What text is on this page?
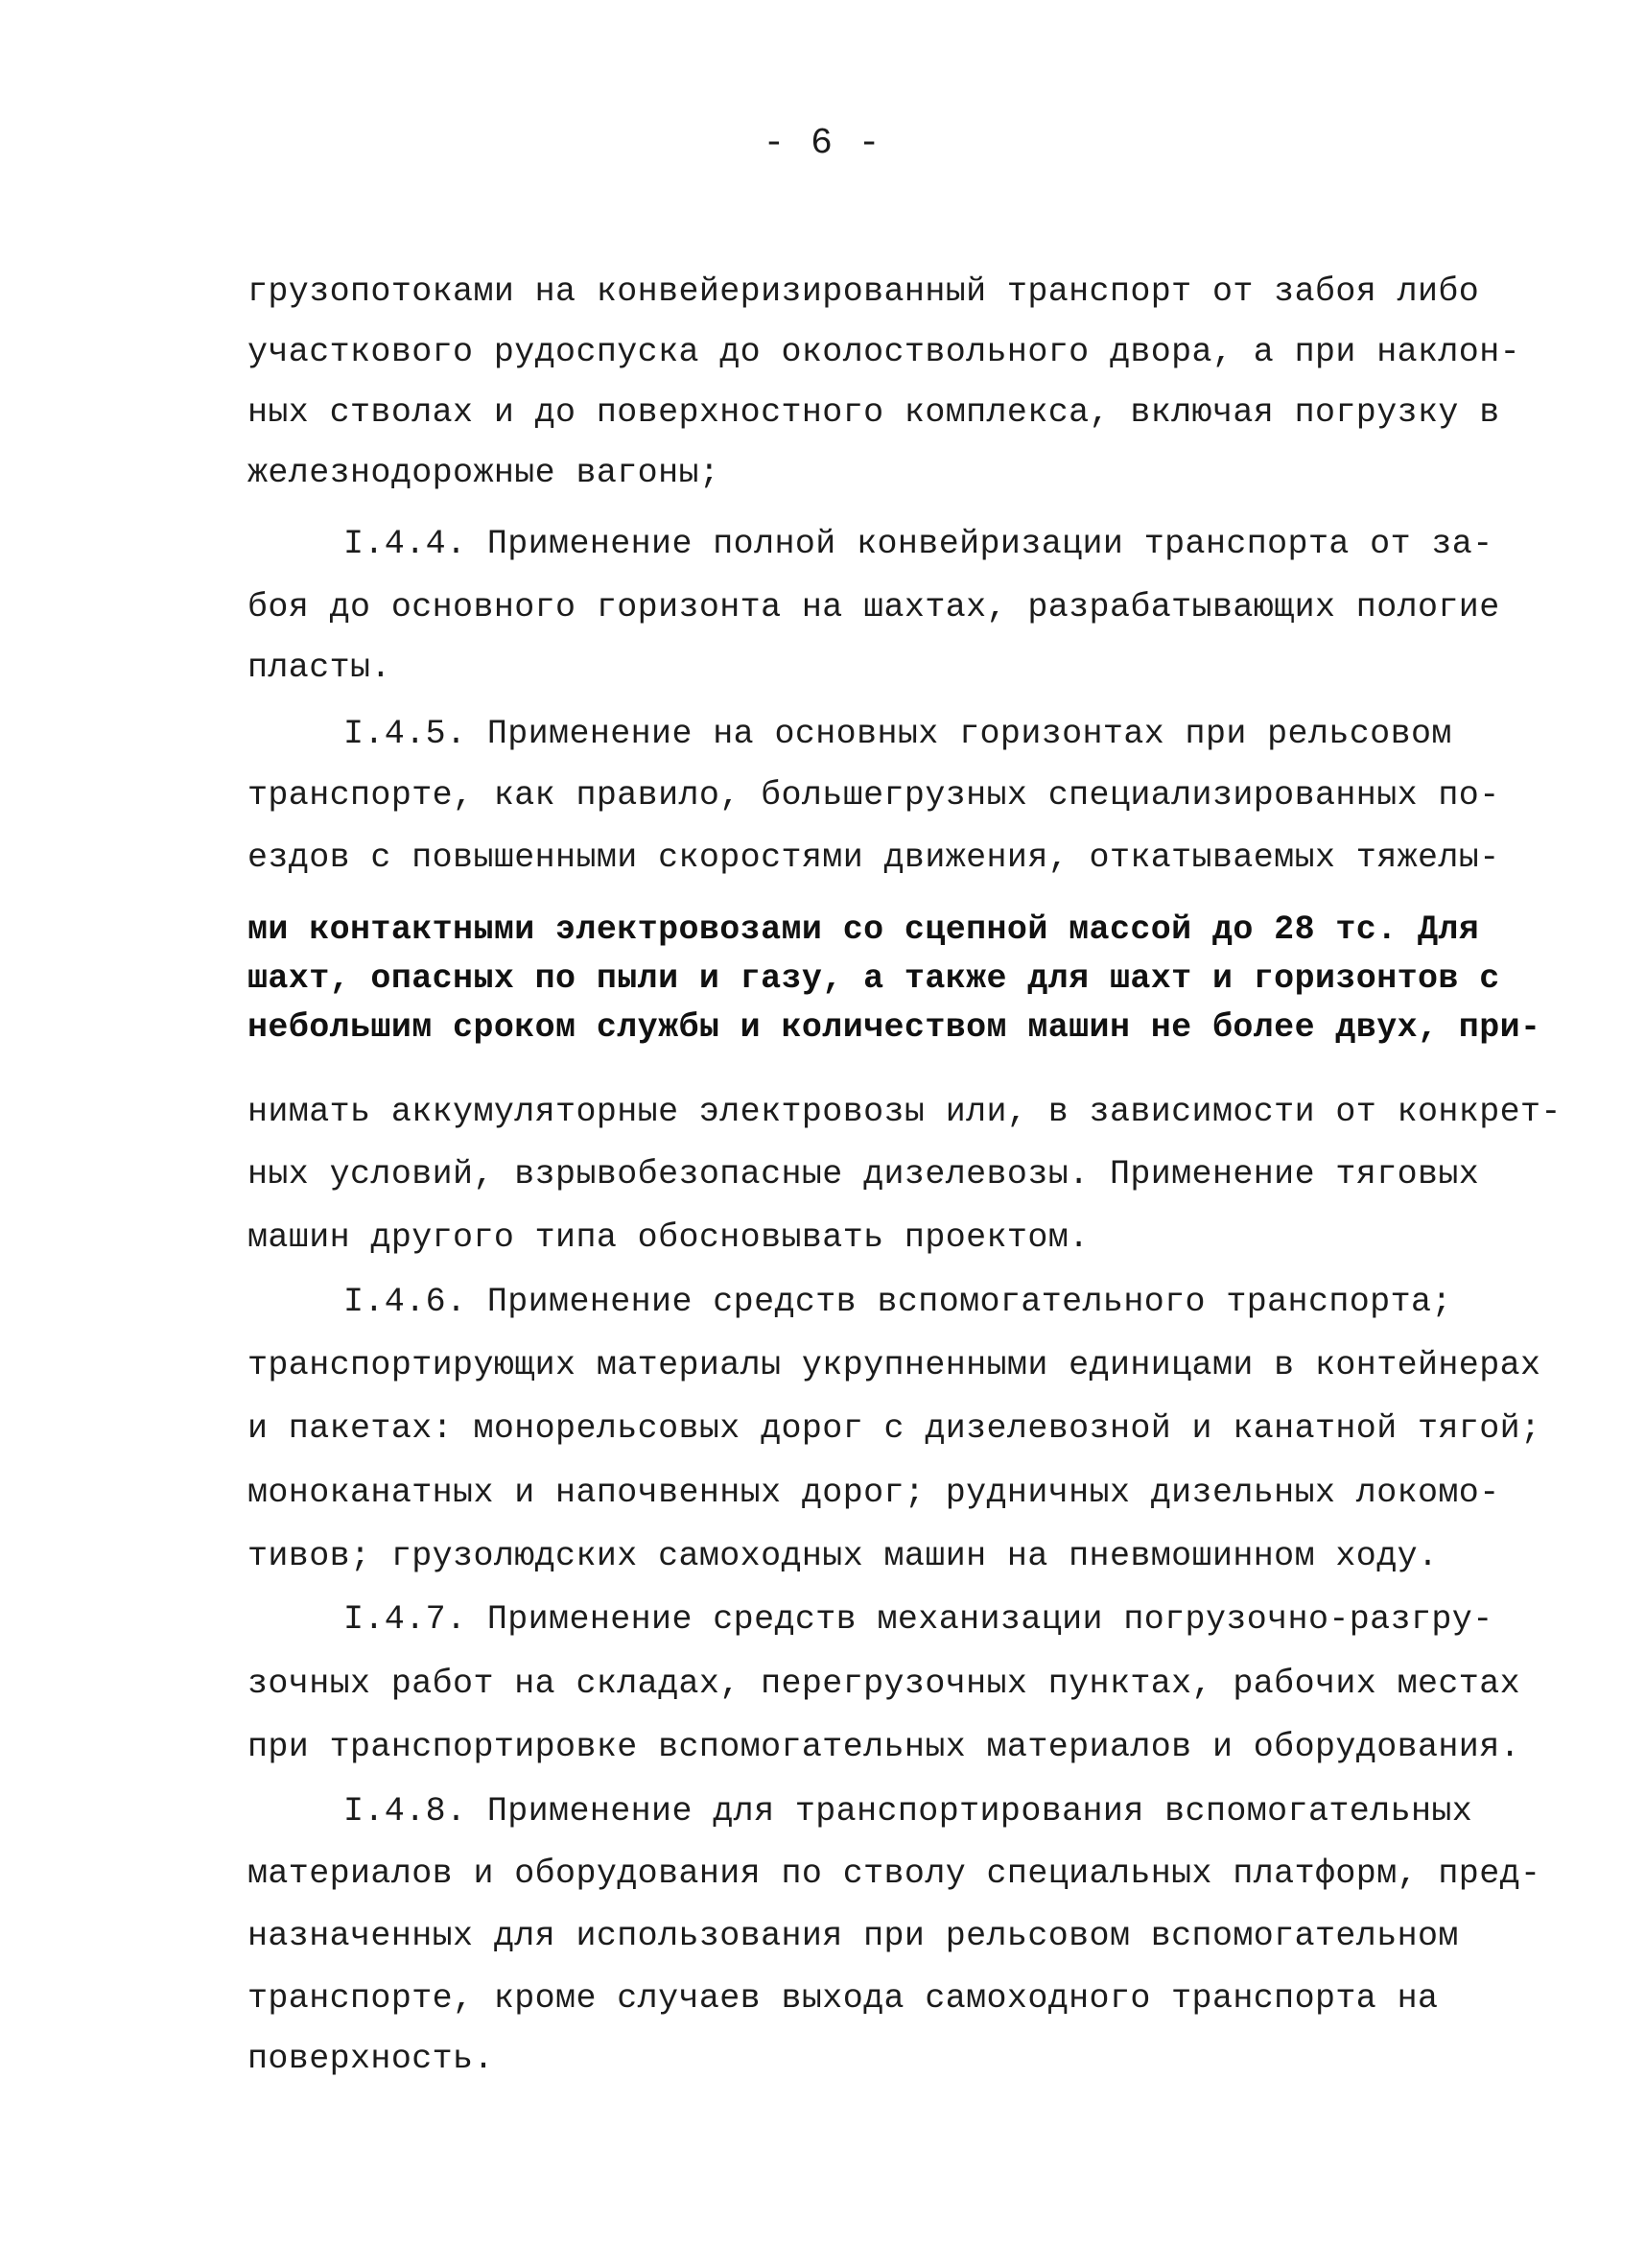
- 6 -
грузопотоками на конвейеризированный транспорт от забоя либо
участкового рудоспуска до околоствольного двора, а при наклон-
ных стволах и до поверхностного комплекса, включая погрузку в
железнодорожные вагоны;
I.4.4. Применение полной конвейризации транспорта от за-
боя до основного горизонта на шахтах, разрабатывающих пологие
пласты.
I.4.5. Применение на основных горизонтах при рельсовом
транспорте, как правило, большегрузных специализированных по-
ездов с повышенными скоростями движения, откатываемых тяжелы-
ми контактными электровозами со сцепной массой до 28 тс. Для
шахт, опасных по пыли и газу, а также для шахт и горизонтов с
небольшим сроком службы и количеством машин не более двух, при-
нимать аккумуляторные электровозы или, в зависимости от конкрет-
ных условий, взрывобезопасные дизелевозы. Применение тяговых
машин другого типа обосновывать проектом.
I.4.6. Применение средств вспомогательного транспорта;
транспортирующих материалы укрупненными единицами в контейнерах
и пакетах: монорельсовых дорог с дизелевозной и канатной тягой;
моноканатных и напочвенных дорог; рудничных дизельных локомо-
тивов; грузолюдских самоходных машин на пневмошинном ходу.
I.4.7. Применение средств механизации погрузочно-разгру-
зочных работ на складах, перегрузочных пунктах, рабочих местах
при транспортировке вспомогательных материалов и оборудования.
I.4.8. Применение для транспортирования вспомогательных
материалов и оборудования по стволу специальных платформ, пред-
назначенных для использования при рельсовом вспомогательном
транспорте, кроме случаев выхода самоходного транспорта на
поверхность.
